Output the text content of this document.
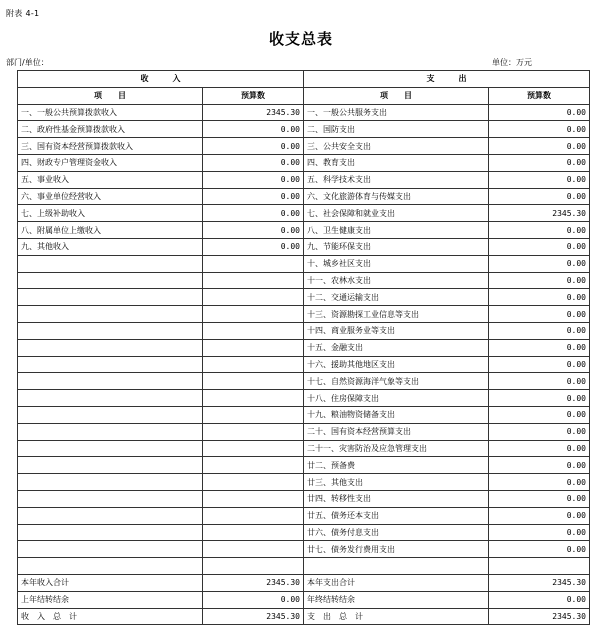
附表 4-1
收支总表
部门/单位：	单位：万元
收　　　入		支　　　出	
项　　目	预算数	项　　目	预算数
一、一般公共预算拨款收入	2345.30	一、一般公共服务支出	0.00
二、政府性基金预算拨款收入	0.00	二、国防支出	0.00
三、国有资本经营预算拨款收入	0.00	三、公共安全支出	0.00
四、财政专户管理资金收入	0.00	四、教育支出	0.00
五、事业收入	0.00	五、科学技术支出	0.00
六、事业单位经营收入	0.00	六、文化旅游体育与传媒支出	0.00
七、上级补助收入	0.00	七、社会保障和就业支出	2345.30
八、附属单位上缴收入	0.00	八、卫生健康支出	0.00
九、其他收入	0.00	九、节能环保支出	0.00
		十、城乡社区支出	0.00
		十一、农林水支出	0.00
		十二、交通运输支出	0.00
		十三、资源勘探工业信息等支出	0.00
		十四、商业服务业等支出	0.00
		十五、金融支出	0.00
		十六、援助其他地区支出	0.00
		十七、自然资源海洋气象等支出	0.00
		十八、住房保障支出	0.00
		十九、粮油物资储备支出	0.00
		二十、国有资本经营预算支出	0.00
		二十一、灾害防治及应急管理支出	0.00
		廿二、预备费	0.00
		廿三、其他支出	0.00
		廿四、转移性支出	0.00
		廿五、债务还本支出	0.00
		廿六、债务付息支出	0.00
		廿七、债务发行费用支出	0.00

本年收入合计	2345.30	本年支出合计	2345.30
上年结转结余	0.00	年终结转结余	0.00
收　入　总　计	2345.30	支　出　总　计	2345.30
